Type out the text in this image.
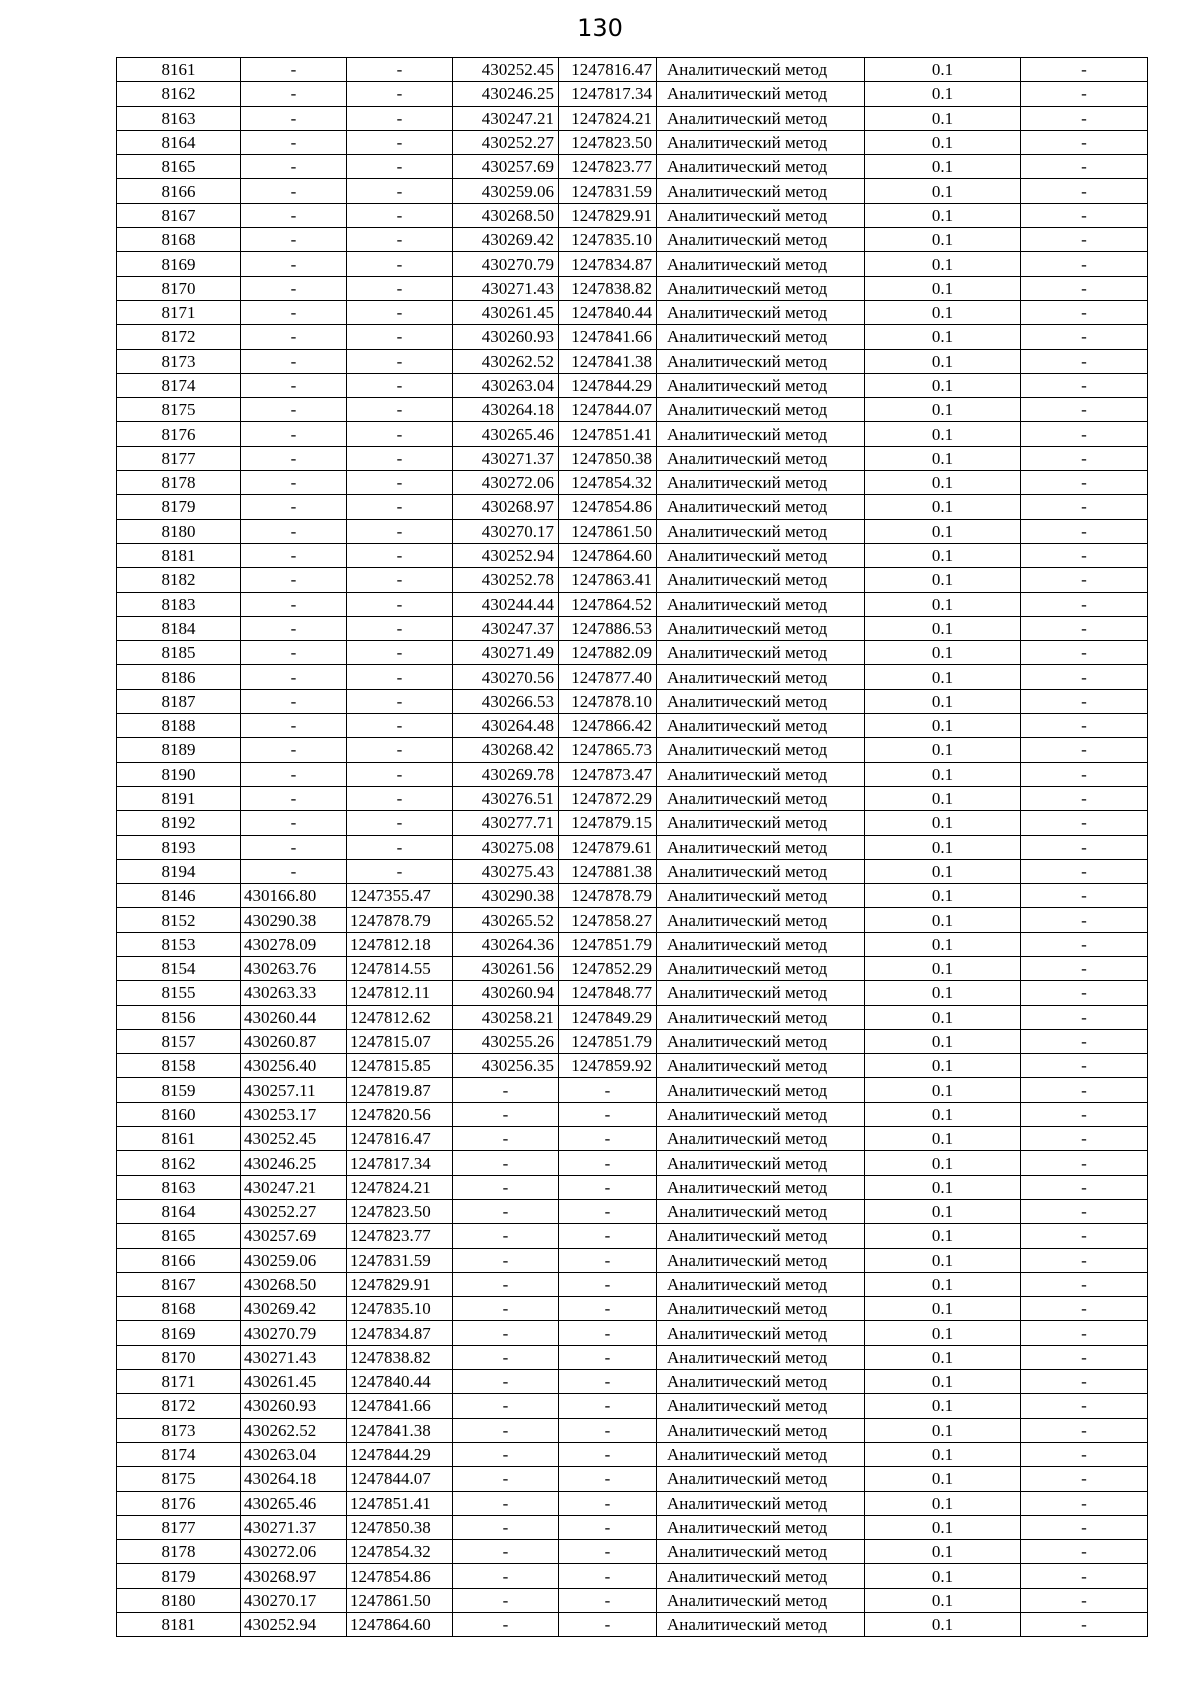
130
8161	-	-	430252.45	1247816.47	Аналитический метод	0.1	-
8162	-	-	430246.25	1247817.34	Аналитический метод	0.1	-
8163	-	-	430247.21	1247824.21	Аналитический метод	0.1	-
8164	-	-	430252.27	1247823.50	Аналитический метод	0.1	-
8165	-	-	430257.69	1247823.77	Аналитический метод	0.1	-
8166	-	-	430259.06	1247831.59	Аналитический метод	0.1	-
8167	-	-	430268.50	1247829.91	Аналитический метод	0.1	-
8168	-	-	430269.42	1247835.10	Аналитический метод	0.1	-
8169	-	-	430270.79	1247834.87	Аналитический метод	0.1	-
8170	-	-	430271.43	1247838.82	Аналитический метод	0.1	-
8171	-	-	430261.45	1247840.44	Аналитический метод	0.1	-
8172	-	-	430260.93	1247841.66	Аналитический метод	0.1	-
8173	-	-	430262.52	1247841.38	Аналитический метод	0.1	-
8174	-	-	430263.04	1247844.29	Аналитический метод	0.1	-
8175	-	-	430264.18	1247844.07	Аналитический метод	0.1	-
8176	-	-	430265.46	1247851.41	Аналитический метод	0.1	-
8177	-	-	430271.37	1247850.38	Аналитический метод	0.1	-
8178	-	-	430272.06	1247854.32	Аналитический метод	0.1	-
8179	-	-	430268.97	1247854.86	Аналитический метод	0.1	-
8180	-	-	430270.17	1247861.50	Аналитический метод	0.1	-
8181	-	-	430252.94	1247864.60	Аналитический метод	0.1	-
8182	-	-	430252.78	1247863.41	Аналитический метод	0.1	-
8183	-	-	430244.44	1247864.52	Аналитический метод	0.1	-
8184	-	-	430247.37	1247886.53	Аналитический метод	0.1	-
8185	-	-	430271.49	1247882.09	Аналитический метод	0.1	-
8186	-	-	430270.56	1247877.40	Аналитический метод	0.1	-
8187	-	-	430266.53	1247878.10	Аналитический метод	0.1	-
8188	-	-	430264.48	1247866.42	Аналитический метод	0.1	-
8189	-	-	430268.42	1247865.73	Аналитический метод	0.1	-
8190	-	-	430269.78	1247873.47	Аналитический метод	0.1	-
8191	-	-	430276.51	1247872.29	Аналитический метод	0.1	-
8192	-	-	430277.71	1247879.15	Аналитический метод	0.1	-
8193	-	-	430275.08	1247879.61	Аналитический метод	0.1	-
8194	-	-	430275.43	1247881.38	Аналитический метод	0.1	-
8146	430166.80	1247355.47	430290.38	1247878.79	Аналитический метод	0.1	-
8152	430290.38	1247878.79	430265.52	1247858.27	Аналитический метод	0.1	-
8153	430278.09	1247812.18	430264.36	1247851.79	Аналитический метод	0.1	-
8154	430263.76	1247814.55	430261.56	1247852.29	Аналитический метод	0.1	-
8155	430263.33	1247812.11	430260.94	1247848.77	Аналитический метод	0.1	-
8156	430260.44	1247812.62	430258.21	1247849.29	Аналитический метод	0.1	-
8157	430260.87	1247815.07	430255.26	1247851.79	Аналитический метод	0.1	-
8158	430256.40	1247815.85	430256.35	1247859.92	Аналитический метод	0.1	-
8159	430257.11	1247819.87	-	-	Аналитический метод	0.1	-
8160	430253.17	1247820.56	-	-	Аналитический метод	0.1	-
8161	430252.45	1247816.47	-	-	Аналитический метод	0.1	-
8162	430246.25	1247817.34	-	-	Аналитический метод	0.1	-
8163	430247.21	1247824.21	-	-	Аналитический метод	0.1	-
8164	430252.27	1247823.50	-	-	Аналитический метод	0.1	-
8165	430257.69	1247823.77	-	-	Аналитический метод	0.1	-
8166	430259.06	1247831.59	-	-	Аналитический метод	0.1	-
8167	430268.50	1247829.91	-	-	Аналитический метод	0.1	-
8168	430269.42	1247835.10	-	-	Аналитический метод	0.1	-
8169	430270.79	1247834.87	-	-	Аналитический метод	0.1	-
8170	430271.43	1247838.82	-	-	Аналитический метод	0.1	-
8171	430261.45	1247840.44	-	-	Аналитический метод	0.1	-
8172	430260.93	1247841.66	-	-	Аналитический метод	0.1	-
8173	430262.52	1247841.38	-	-	Аналитический метод	0.1	-
8174	430263.04	1247844.29	-	-	Аналитический метод	0.1	-
8175	430264.18	1247844.07	-	-	Аналитический метод	0.1	-
8176	430265.46	1247851.41	-	-	Аналитический метод	0.1	-
8177	430271.37	1247850.38	-	-	Аналитический метод	0.1	-
8178	430272.06	1247854.32	-	-	Аналитический метод	0.1	-
8179	430268.97	1247854.86	-	-	Аналитический метод	0.1	-
8180	430270.17	1247861.50	-	-	Аналитический метод	0.1	-
8181	430252.94	1247864.60	-	-	Аналитический метод	0.1	-
